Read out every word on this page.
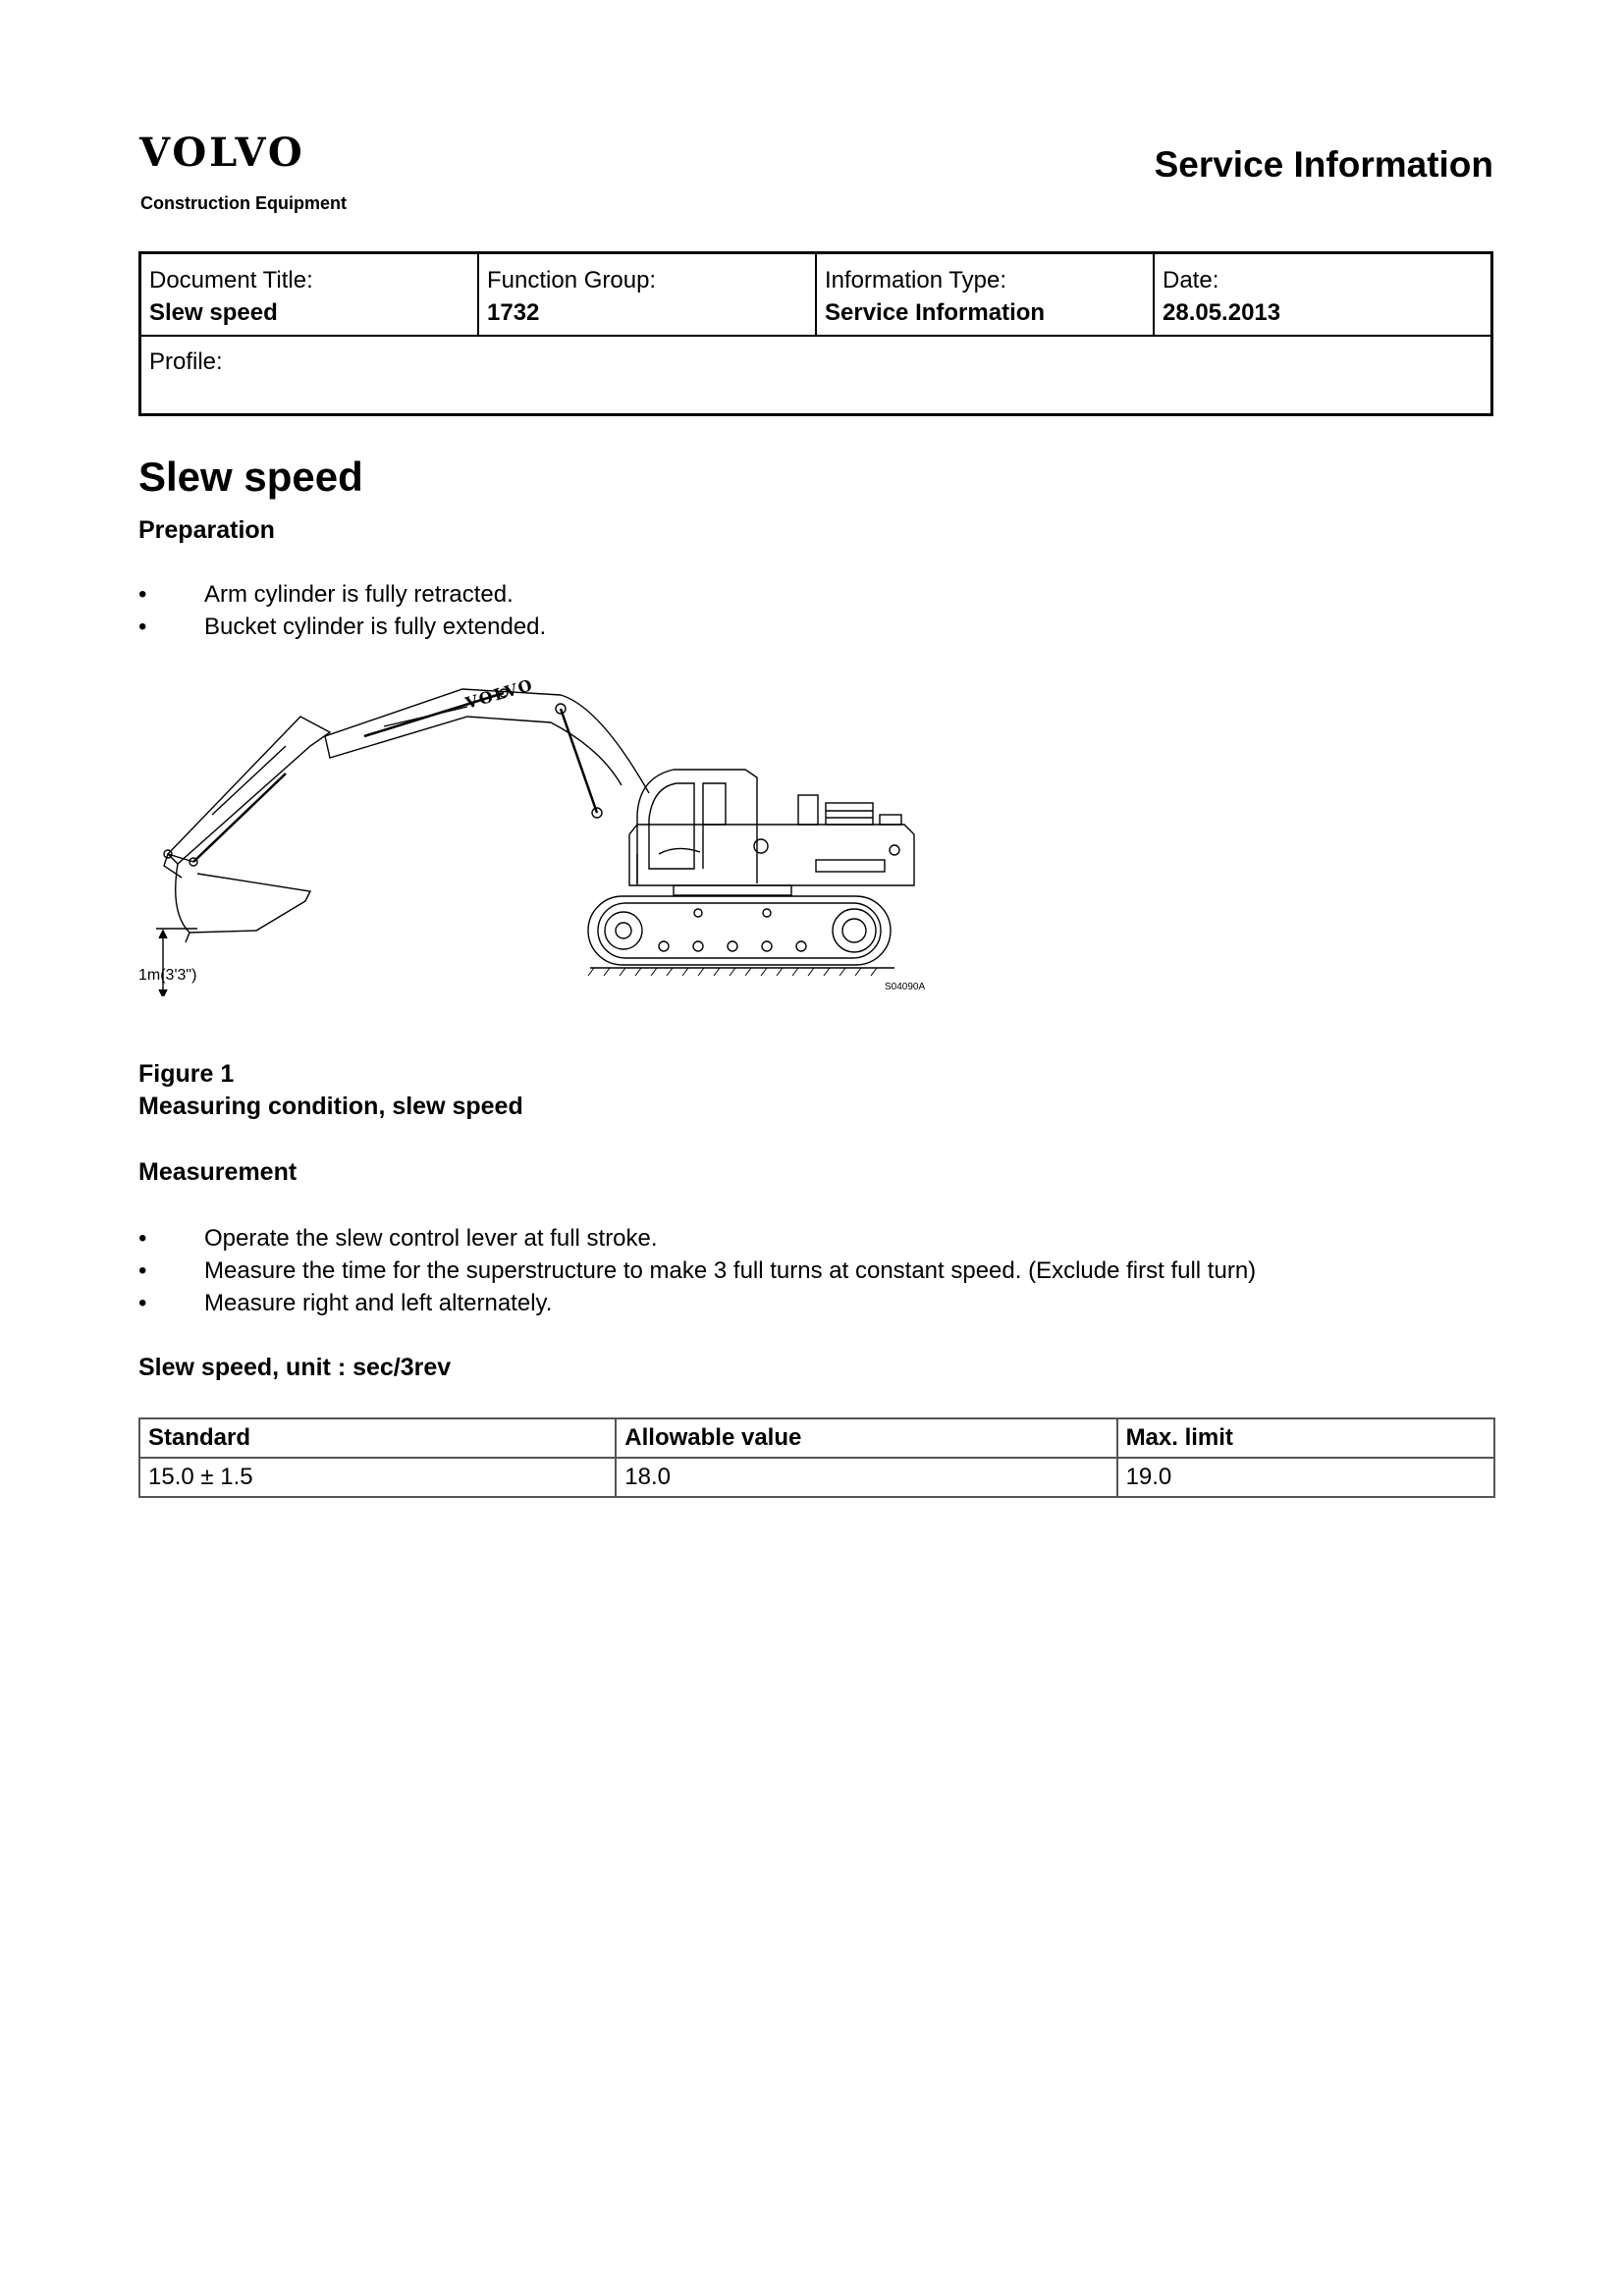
VOLVO
Construction Equipment
Service Information
Document Title:
Slew speed
Function Group:
1732
Information Type:
Service Information
Date:
28.05.2013
Profile:
Slew speed
Preparation
• Arm cylinder is fully retracted.
• Bucket cylinder is fully extended.
VOLVO
1m(3'3")
S04090A
Figure 1
Measuring condition, slew speed
Measurement
• Operate the slew control lever at full stroke.
• Measure the time for the superstructure to make 3 full turns at constant speed. (Exclude first full turn)
• Measure right and left alternately.
Slew speed, unit : sec/3rev
Standard	Allowable value	Max. limit
15.0 ± 1.5	18.0	19.0
